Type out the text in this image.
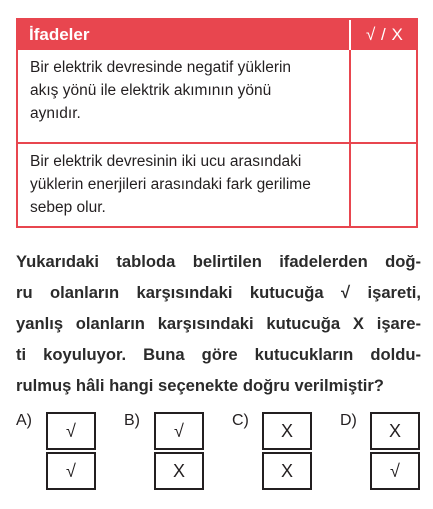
İfadeler	√ / X
Bir elektrik devresinde negatif yüklerin
akış yönü ile elektrik akımının yönü
aynıdır.
Bir elektrik devresinin iki ucu arasındaki
yüklerin enerjileri arasındaki fark gerilime
sebep olur.
Yukarıdaki tabloda belirtilen ifadelerden doğ-
ru olanların karşısındaki kutucuğa √ işareti,
yanlış olanların karşısındaki kutucuğa X işare-
ti koyuluyor. Buna göre kutucukların doldu-
rulmuş hâli hangi seçenekte doğru verilmiştir?
A)
√
√
B)
√
X
C)
X
X
D)
X
√
